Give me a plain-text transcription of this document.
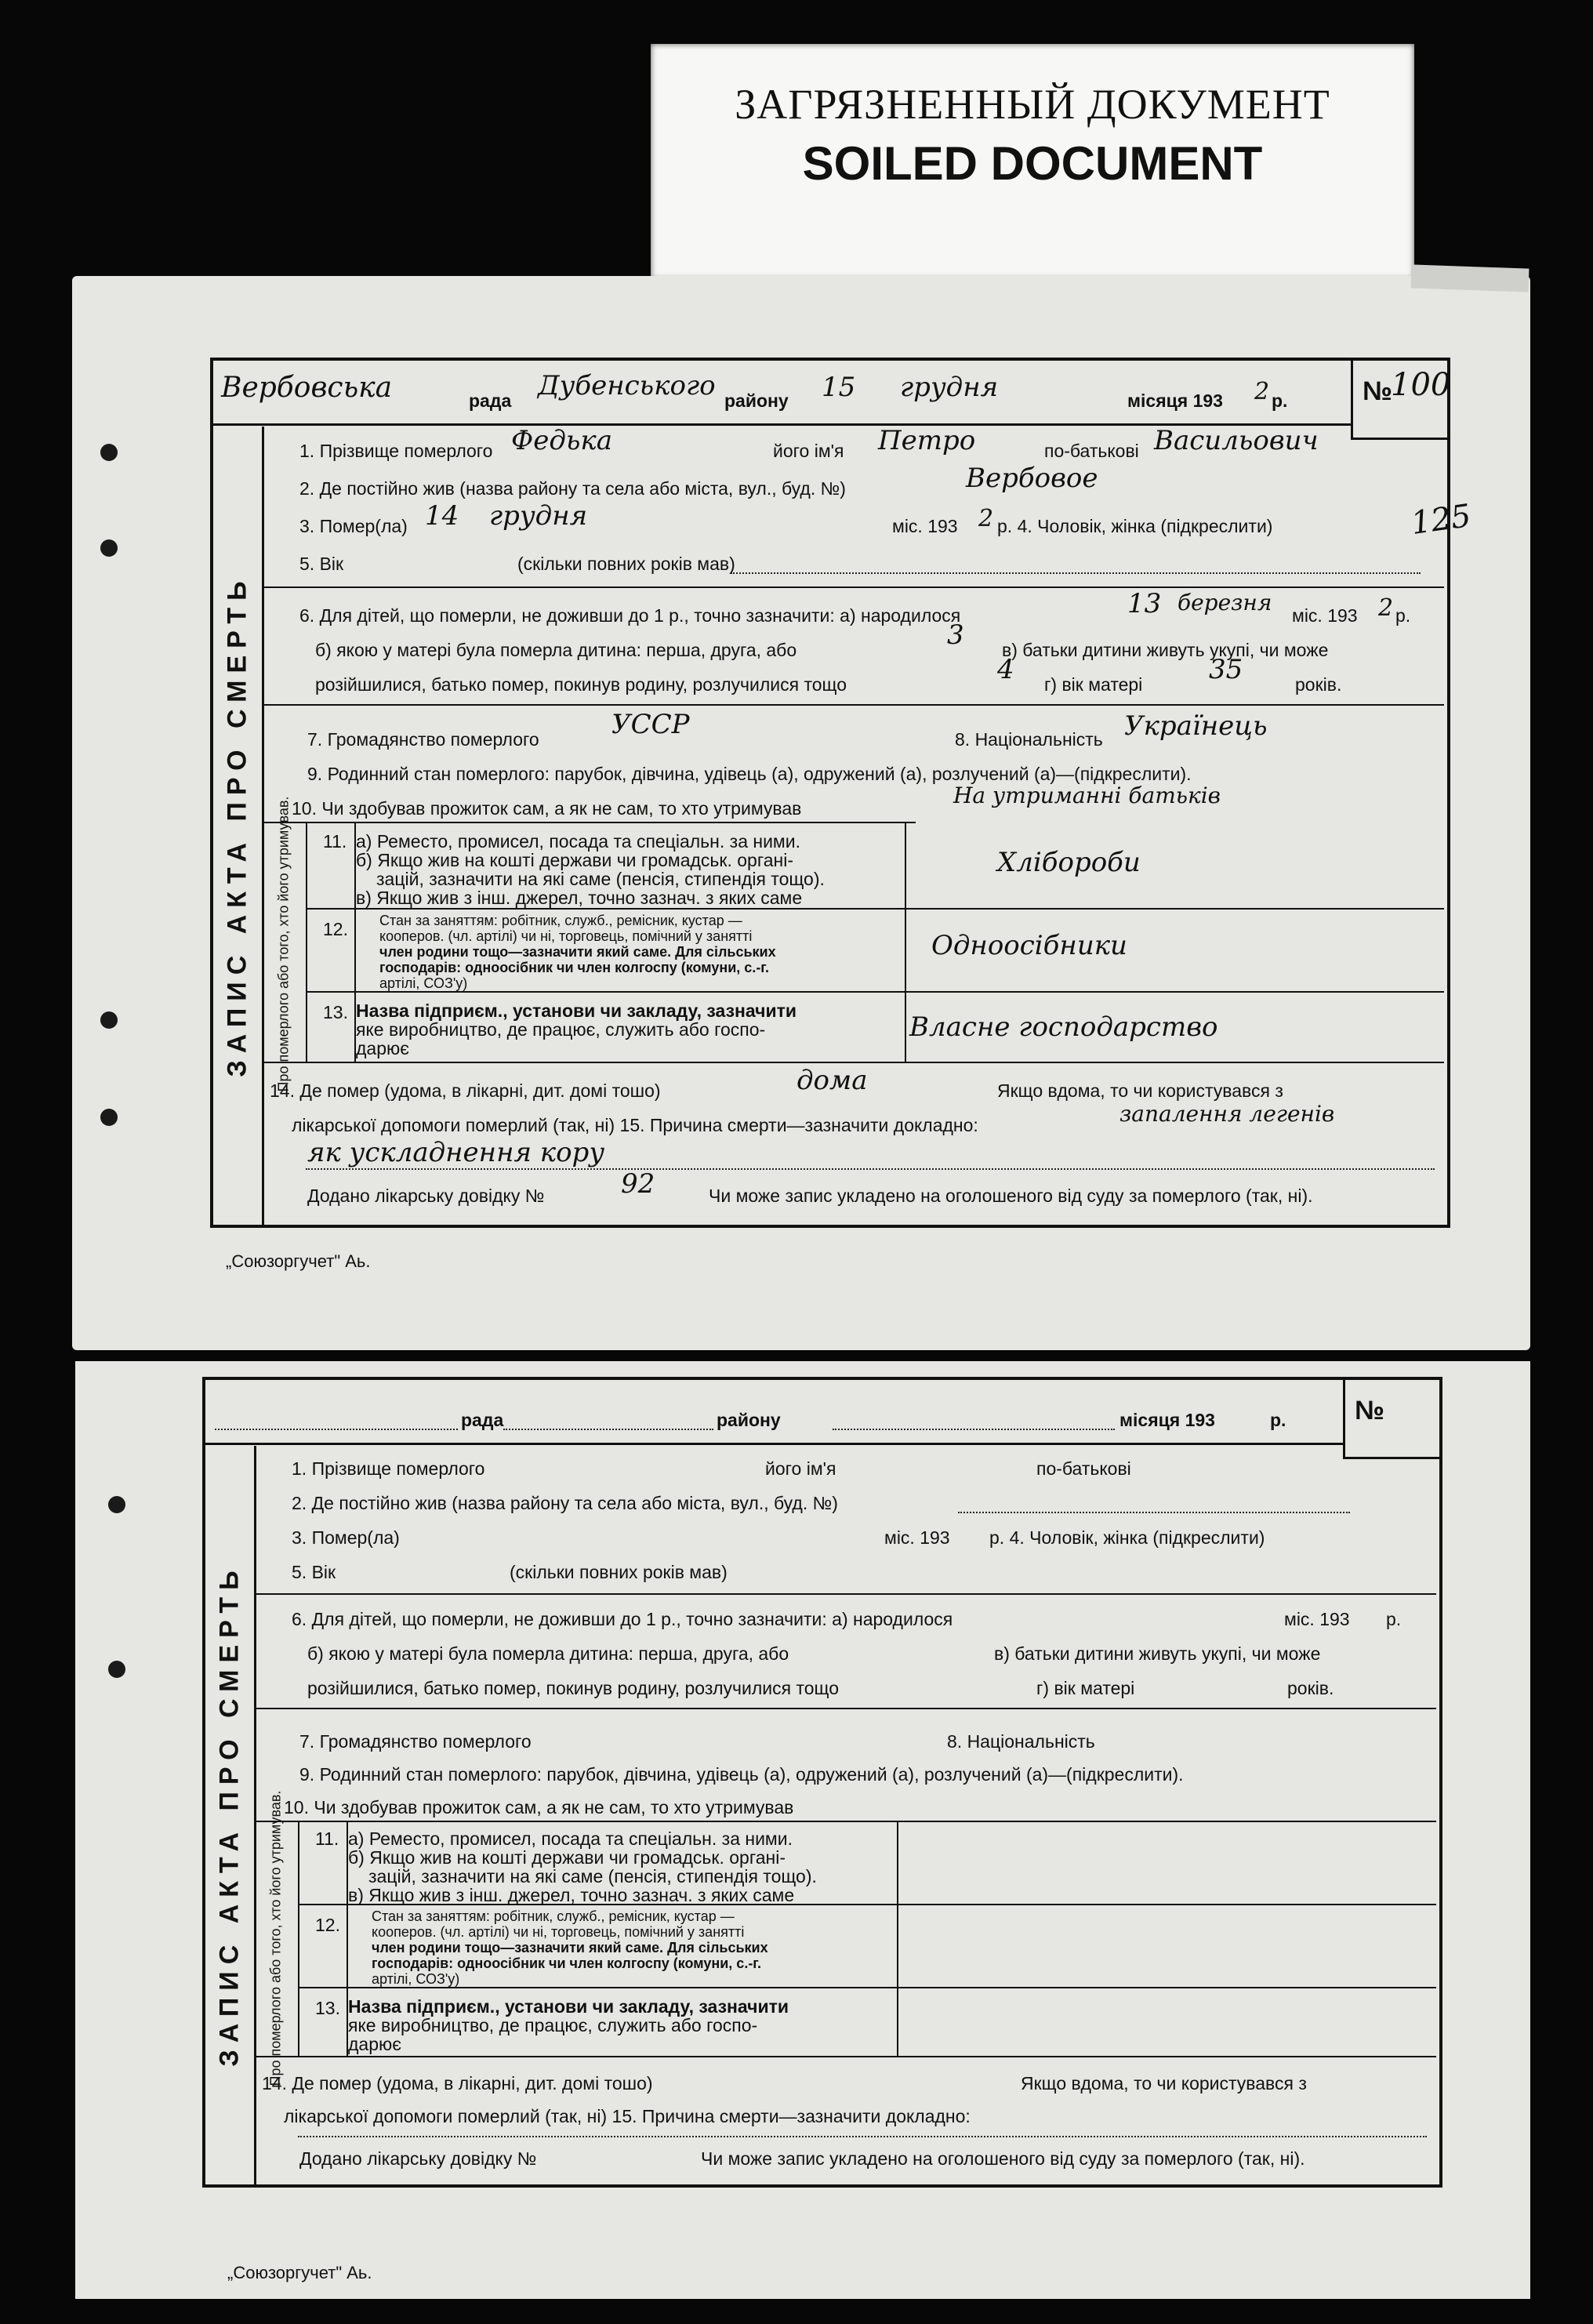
ЗАГРЯЗНЕННЫЙ ДОКУМЕНТ
SOILED DOCUMENT
125
Вербовська	рада Дубенського району 15 грудня	місяця 193 2 р.	№
100
ЗАПИС АКТА ПРО СМЕРТЬ
1. Прізвище померлого Федька	його ім'я Петро	по-батькові Васильович
2. Де постійно жив (назва району та села або міста, вул., буд. №)	Вербовое
3. Помер(ла) 14 грудня	міс. 193 2 р. 4. Чоловік, жінка (підкреслити)
5. Вік	(скільки повних років мав)
6. Для дітей, що померли, не доживши до 1 р., точно зазначити: а) народилося	13 березня міс. 193 2 р.
б) якою у матері була померла дитина: перша, друга, або	3 в) батьки дитини живуть укупі, чи може
розійшилися, батько помер, покинув родину, розлучилися тощо	4 г) вік матері 35	років.
7. Громадянство померлого	УССР	8. Національність Українець
9. Родинний стан померлого: парубок, дівчина, удівець (а), одружений (а), розлучений (а)—(підкреслити).
10. Чи здобував прожиток сам, а як не сам, то хто утримував	На утриманні батьків
Про померлого або того, хто його утримував. 11. а) Реместо, промисел, посада та спеціальн. за ними.
б) Якщо жив на коштi держави чи громадськ. органі-
зацій, зазначити на які саме (пенсія, стипендія тощо).
в) Якщо жив з інш. джерел, точно зазнач. з яких саме
Хлібороби
12. Стан за заняттям: робітник, служб., ремісник, кустар —
кооперов. (чл. артілі) чи ні, торговець, помічний у занятті
член родини тощо—зазначити який саме. Для сільських
господарів: одноосібник чи член колгоспу (комуни, с.-г.
артілі, СОЗ'у)
Одноосібники
13. Назва підприєм., установи чи закладу, зазначити
яке виробництво, де працює, служить або госпо-
дарює
Власне господарство
14. Де помер (удома, в лікарні, дит. домі тошо)	дома	Якщо вдома, то чи користувався з
лікарської допомоги померлий (так, ні) 15. Причина смерти—зазначити докладно:	запалення легенів
як ускладнення кору
Додано лікарську довідку №	92	Чи може запис укладено на оголошеного від суду за померлого (так, ні).
„Союзоргучет" Аь.
рада	району	місяця 193	р.	№
ЗАПИС АКТА ПРО СМЕРТЬ
1. Прізвище померлого	його ім'я	по-батькові
2. Де постійно жив (назва району та села або міста, вул., буд. №)
3. Помер(ла)	міс. 193 р. 4. Чоловік, жінка (підкреслити)
5. Вік	(скільки повних років мав)
6. Для дітей, що померли, не доживши до 1 р., точно зазначити: а) народилося	міс. 193 р.
б) якою у матері була померла дитина: перша, друга, або	в) батьки дитини живуть укупі, чи може
розійшилися, батько помер, покинув родину, розлучилися тощо	г) вік матері	років.
7. Громадянство померлого	8. Національність
9. Родинний стан померлого: парубок, дівчина, удівець (а), одружений (а), розлучений (а)—(підкреслити).
10. Чи здобував прожиток сам, а як не сам, то хто утримував
Про померлого або того, хто його утримував. 11. а) Реместо, промисел, посада та спеціальн. за ними.
б) Якщо жив на коштi держави чи громадськ. органі-
зацій, зазначити на які саме (пенсія, стипендія тощо).
в) Якщо жив з інш. джерел, точно зазнач. з яких саме
12. Стан за заняттям: робітник, служб., ремісник, кустар —
кооперов. (чл. артілі) чи ні, торговець, помічний у занятті
член родини тощо—зазначити який саме. Для сільських
господарів: одноосібник чи член колгоспу (комуни, с.-г.
артілі, СОЗ'у)
13. Назва підприєм., установи чи закладу, зазначити
яке виробництво, де працює, служить або госпо-
дарює
14. Де помер (удома, в лікарні, дит. домі тошо)	Якщо вдома, то чи користувався з
лікарської допомоги померлий (так, ні) 15. Причина смерти—зазначити докладно:
Додано лікарську довідку №	Чи може запис укладено на оголошеного від суду за померлого (так, ні).
„Союзоргучет" Аь.
